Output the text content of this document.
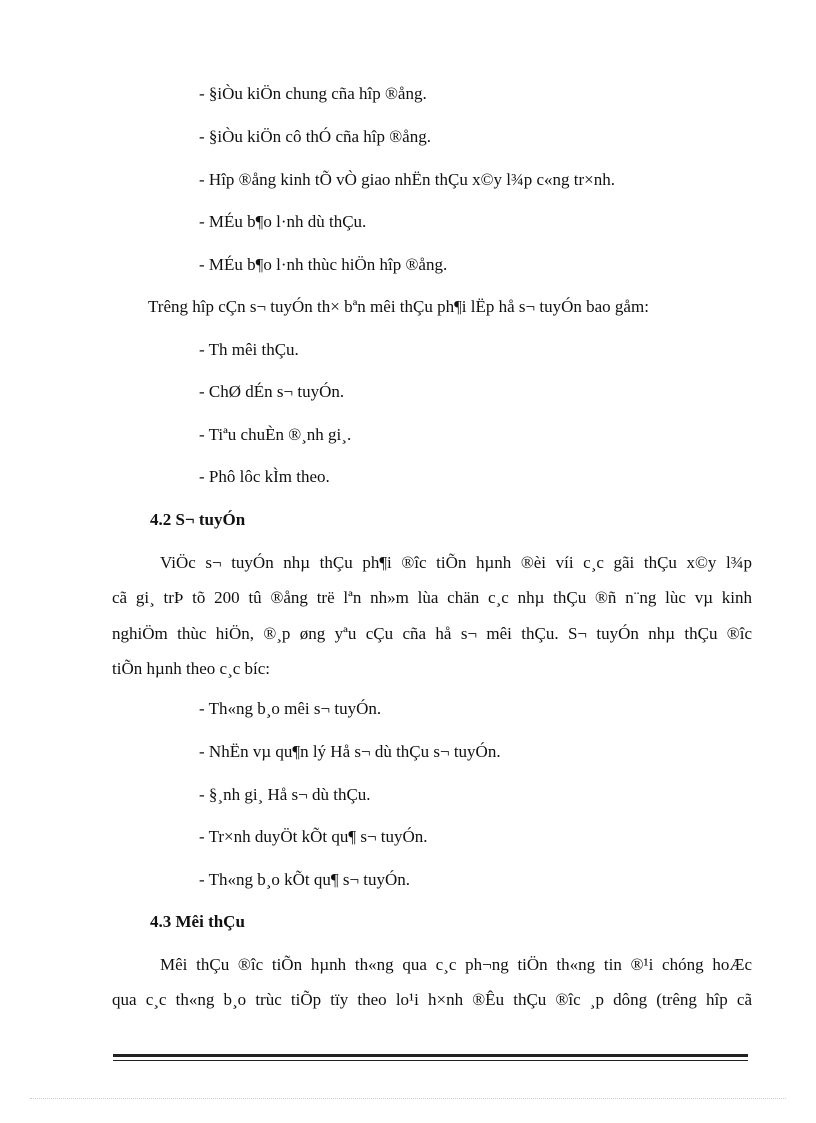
- §iÒu kiÖn chung cña hîp ®ång.
- §iÒu kiÖn cô thÓ cña hîp ®ång.
- Hîp ®ång kinh tÕ vÒ giao nhËn thÇu x©y l¾p c«ng tr×nh.
- MÉu b¶o l·nh dù thÇu.
- MÉu b¶o l·nh thùc hiÖn hîp ®ång.
Trêng hîp cÇn s¬ tuyÓn th× bªn mêi thÇu ph¶i lËp hå s¬ tuyÓn bao gåm:
- Th mêi thÇu.
- ChØ dÉn s¬ tuyÓn.
- Tiªu chuÈn ®¸nh gi¸.
- Phô lôc kÌm theo.
4.2 S¬ tuyÓn
ViÖc s¬ tuyÓn nhµ thÇu ph¶i ®îc tiÕn hµnh ®èi víi c¸c gãi thÇu x©y l¾p
cã gi¸ trÞ tõ 200 tû ®ång trë lªn nh»m lùa chän c¸c nhµ thÇu ®ñ n¨ng lùc vµ kinh
nghiÖm thùc hiÖn, ®¸p øng yªu cÇu cña hå s¬ mêi thÇu. S¬ tuyÓn nhµ thÇu ®îc
tiÕn hµnh theo c¸c bíc:
- Th«ng b¸o mêi s¬ tuyÓn.
- NhËn vµ qu¶n lý Hå s¬ dù thÇu s¬ tuyÓn.
- §¸nh gi¸ Hå s¬ dù thÇu.
- Tr×nh duyÖt kÕt qu¶ s¬ tuyÓn.
- Th«ng b¸o kÕt qu¶ s¬ tuyÓn.
4.3 Mêi thÇu
Mêi thÇu ®îc tiÕn hµnh th«ng qua c¸c ph¬ng tiÖn th«ng tin ®¹i chóng hoÆc
qua c¸c th«ng b¸o trùc tiÕp tïy theo lo¹i h×nh ®Êu thÇu ®îc ¸p dông (trêng hîp cã
